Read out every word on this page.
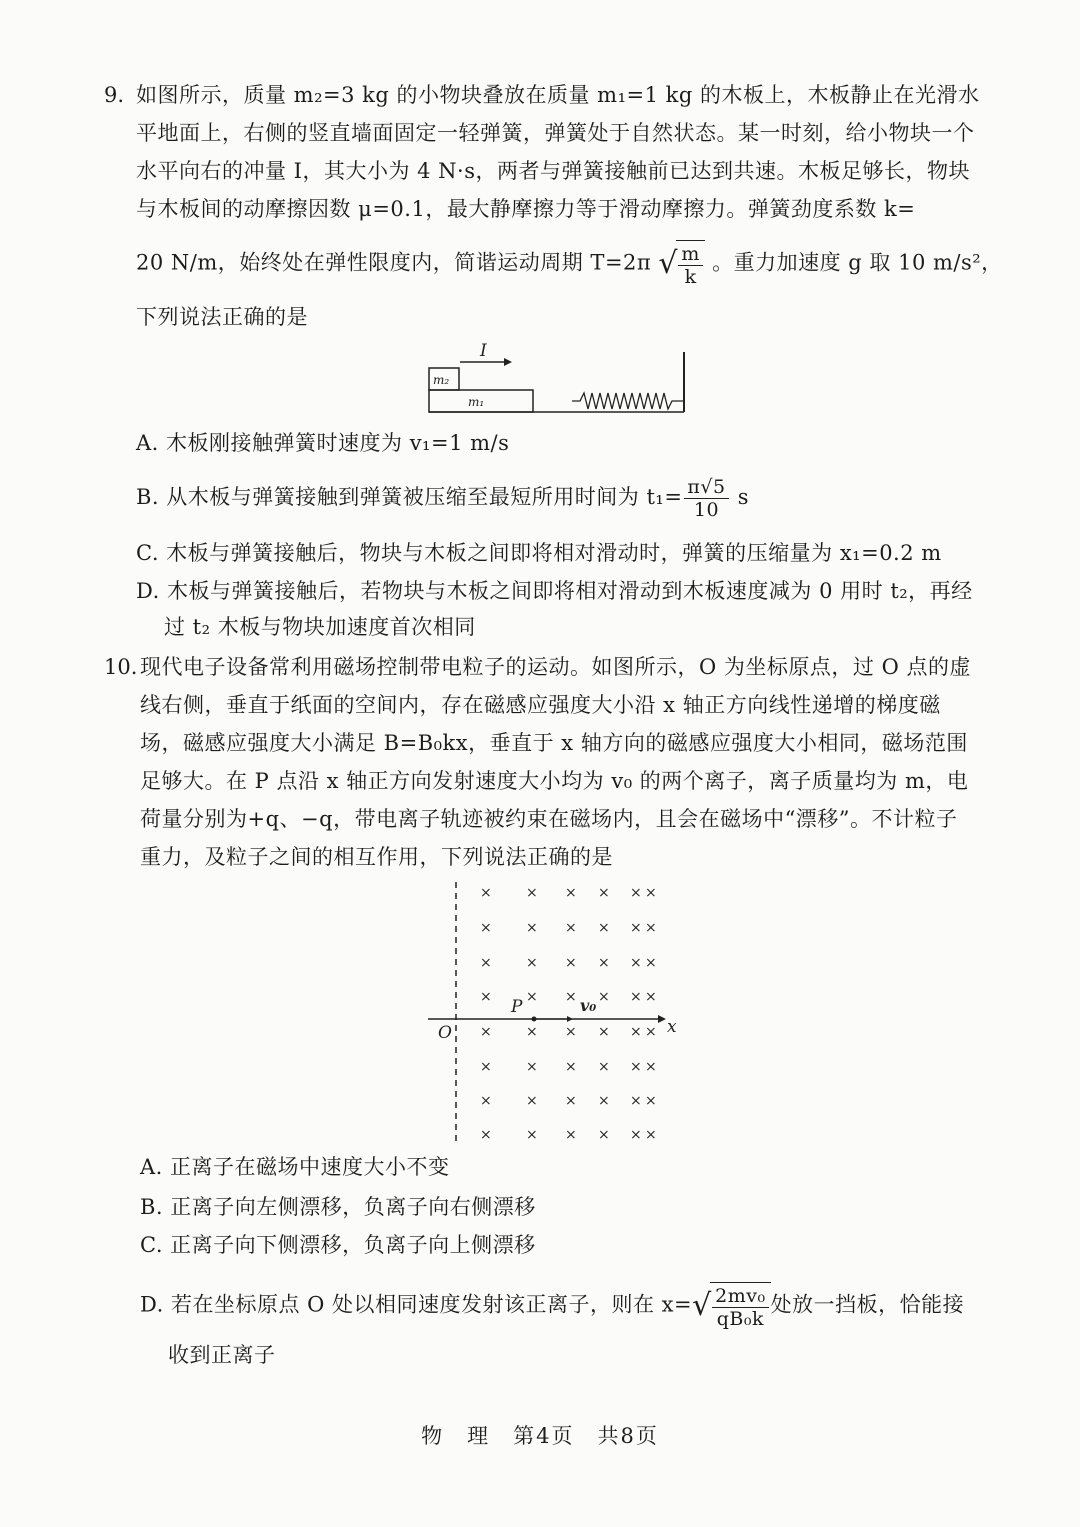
9. 如图所示，质量 m₂=3 kg 的小物块叠放在质量 m₁=1 kg 的木板上，木板静止在光滑水
平地面上，右侧的竖直墙面固定一轻弹簧，弹簧处于自然状态。某一时刻，给小物块一个
水平向右的冲量 I，其大小为 4 N·s，两者与弹簧接触前已达到共速。木板足够长，物块
与木板间的动摩擦因数 μ=0.1，最大静摩擦力等于滑动摩擦力。弹簧劲度系数 k=
20 N/m，始终处在弹性限度内，简谐运动周期 T=2π √ $\frac{m}{k}$ 。重力加速度 g 取 10 m/s²，
下列说法正确的是
I
m₂
m₁
A. 木板刚接触弹簧时速度为 v₁=1 m/s
B. 从木板与弹簧接触到弹簧被压缩至最短所用时间为 $t_1= \frac{\pi√5}{10}$ s
C. 木板与弹簧接触后，物块与木板之间即将相对滑动时，弹簧的压缩量为 x₁=0.2 m
D. 木板与弹簧接触后，若物块与木板之间即将相对滑动到木板速度减为 0 用时 t₂，再经
过 t₂ 木板与物块加速度首次相同
10. 现代电子设备常利用磁场控制带电粒子的运动。如图所示，O 为坐标原点，过 O 点的虚
线右侧，垂直于纸面的空间内，存在磁感应强度大小沿 x 轴正方向线性递增的梯度磁
场，磁感应强度大小满足 B=B₀kx，垂直于 x 轴方向的磁感应强度大小相同，磁场范围
足够大。在 P 点沿 x 轴正方向发射速度大小均为 v₀ 的两个离子，离子质量均为 m，电
荷量分别为+q、−q，带电离子轨迹被约束在磁场内，且会在磁场中“漂移”。不计粒子
重力，及粒子之间的相互作用，下列说法正确的是
x
O
P	v₀
× × × × × ×
× × × × × ×
× × × × × ×
× × × × × ×
× × × × × ×
× × × × × ×
× × × × × ×
× × × × × ×
A. 正离子在磁场中速度大小不变
B. 正离子向左侧漂移，负离子向右侧漂移
C. 正离子向下侧漂移，负离子向上侧漂移
D. 若在坐标原点 O 处以相同速度发射该正离子，则在 x= √ $\frac{\text{2mv₀}}{\text{qB₀k}}$ 处放一挡板，恰能接
收到正离子
物　理　第4页　共8页
